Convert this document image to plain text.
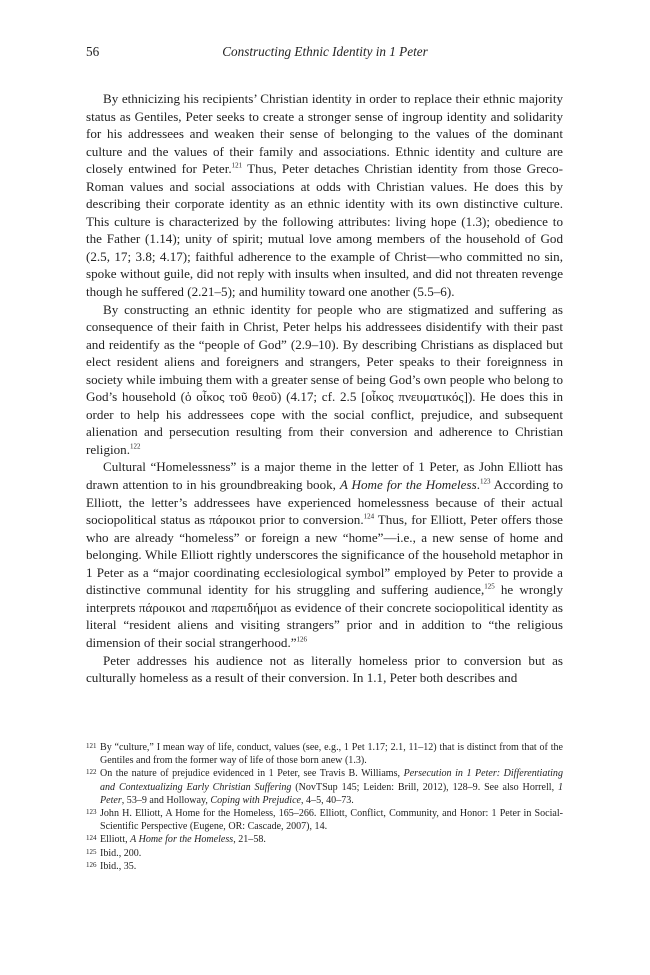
56	Constructing Ethnic Identity in 1 Peter

By ethnicizing his recipients’ Christian identity in order to replace their ethnic majority status as Gentiles, Peter seeks to create a stronger sense of ingroup identity and solidarity for his addressees and weaken their sense of belonging to the values of the dominant culture and the values of their family and associations. Ethnic identity and culture are closely entwined for Peter.$^{121}$ Thus, Peter detaches Christian identity from those Greco-Roman values and social associations at odds with Christian values. He does this by describing their corporate identity as an ethnic identity with its own distinctive culture. This culture is characterized by the following attributes: living hope (1.3); obedience to the Father (1.14); unity of spirit; mutual love among members of the household of God (2.5, 17; 3.8; 4.17); faithful adherence to the example of Christ—who committed no sin, spoke without guile, did not reply with insults when insulted, and did not threaten revenge though he suffered (2.21–5); and humility toward one another (5.5–6).

By constructing an ethnic identity for people who are stigmatized and suffering as consequence of their faith in Christ, Peter helps his addressees disidentify with their past and reidentify as the “people of God” (2.9–10). By describing Christians as displaced but elect resident aliens and foreigners and strangers, Peter speaks to their foreignness in society while imbuing them with a greater sense of being God’s own people who belong to God’s household (ὁ οἶκος τοῦ θεοῦ) (4.17; cf. 2.5 [οἶκος πνευματικός]). He does this in order to help his addressees cope with the social conflict, prejudice, and subsequent alienation and persecution resulting from their conversion and adherence to Christian religion.$^{122}$

Cultural “Homelessness” is a major theme in the letter of 1 Peter, as John Elliott has drawn attention to in his groundbreaking book, A Home for the Homeless.$^{123}$ According to Elliott, the letter’s addressees have experienced homelessness because of their actual sociopolitical status as πάροικοι prior to conversion.$^{124}$ Thus, for Elliott, Peter offers those who are already “homeless” or foreign a new “home”—i.e., a new sense of home and belonging. While Elliott rightly underscores the significance of the household metaphor in 1 Peter as a “major coordinating ecclesiological symbol” employed by Peter to provide a distinctive communal identity for his struggling and suffering audience,$^{125}$ he wrongly interprets πάροικοι and παρεπιδήμοι as evidence of their concrete sociopolitical identity as literal “resident aliens and visiting strangers” prior and in addition to “the religious dimension of their social strangerhood.”$^{126}$

Peter addresses his audience not as literally homeless prior to conversion but as culturally homeless as a result of their conversion. In 1.1, Peter both describes and

121 By “culture,” I mean way of life, conduct, values (see, e.g., 1 Pet 1.17; 2.1, 11–12) that is distinct from that of the Gentiles and from the former way of life of those born anew (1.3).
122 On the nature of prejudice evidenced in 1 Peter, see Travis B. Williams, Persecution in 1 Peter: Differentiating and Contextualizing Early Christian Suffering (NovTSup 145; Leiden: Brill, 2012), 128–9. See also Horrell, 1 Peter, 53–9 and Holloway, Coping with Prejudice, 4–5, 40–73.
123 John H. Elliott, A Home for the Homeless, 165–266. Elliott, Conflict, Community, and Honor: 1 Peter in Social-Scientific Perspective (Eugene, OR: Cascade, 2007), 14.
124 Elliott, A Home for the Homeless, 21–58.
125 Ibid., 200.
126 Ibid., 35.
